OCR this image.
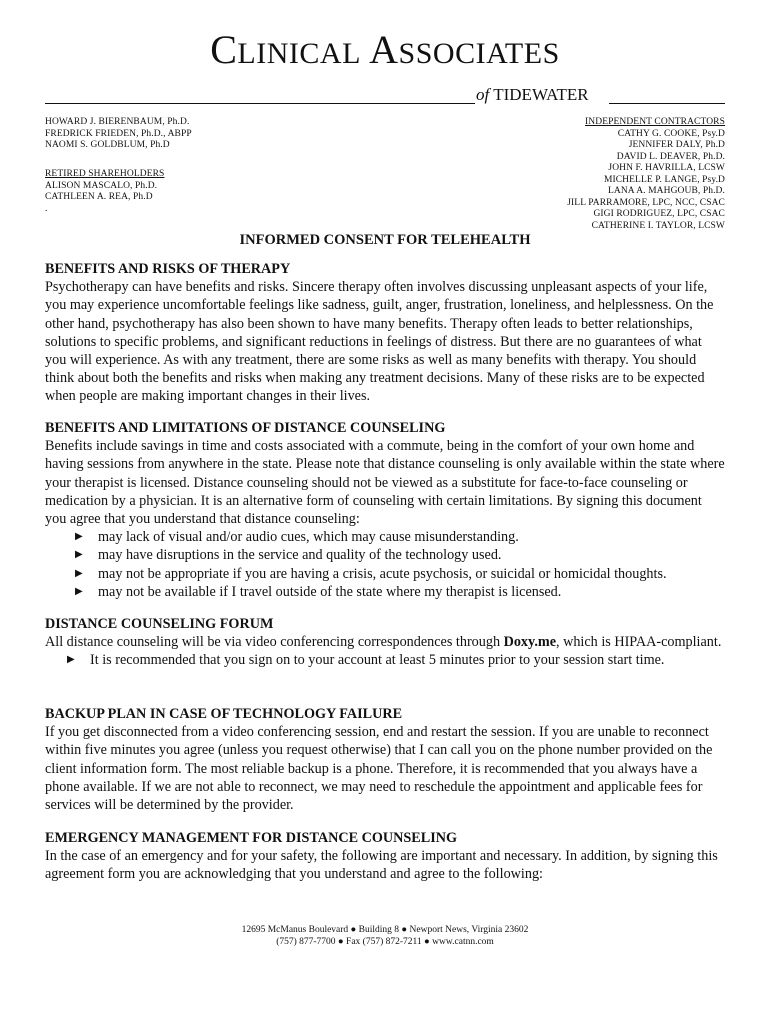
CLINICAL ASSOCIATES
of TIDEWATER
HOWARD J. BIERENBAUM, Ph.D.
FREDRICK FRIEDEN, Ph.D., ABPP
NAOMI S. GOLDBLUM, Ph.D
RETIRED SHAREHOLDERS
ALISON MASCALO, Ph.D.
CATHLEEN A. REA, Ph.D
.
INDEPENDENT CONTRACTORS
CATHY G. COOKE, Psy.D
JENNIFER DALY, Ph.D
DAVID L. DEAVER, Ph.D.
JOHN F. HAVRILLA, LCSW
MICHELLE P. LANGE, Psy.D
LANA A. MAHGOUB, Ph.D.
JILL PARRAMORE, LPC, NCC, CSAC
GIGI RODRIGUEZ, LPC, CSAC
CATHERINE I. TAYLOR, LCSW
INFORMED CONSENT FOR TELEHEALTH
BENEFITS AND RISKS OF THERAPY

Psychotherapy can have benefits and risks. Sincere therapy often involves discussing unpleasant aspects of your life, you may experience uncomfortable feelings like sadness, guilt, anger, frustration, loneliness, and helplessness. On the other hand, psychotherapy has also been shown to have many benefits. Therapy often leads to better relationships, solutions to specific problems, and significant reductions in feelings of distress. But there are no guarantees of what you will experience. As with any treatment, there are some risks as well as many benefits with therapy. You should think about both the benefits and risks when making any treatment decisions. Many of these risks are to be expected when people are making important changes in their lives.

BENEFITS AND LIMITATIONS OF DISTANCE COUNSELING

Benefits include savings in time and costs associated with a commute, being in the comfort of your own home and having sessions from anywhere in the state. Please note that distance counseling is only available within the state where your therapist is licensed. Distance counseling should not be viewed as a substitute for face-to-face counseling or medication by a physician. It is an alternative form of counseling with certain limitations. By signing this document you agree that you understand that distance counseling:

▶ may lack of visual and/or audio cues, which may cause misunderstanding.
▶ may have disruptions in the service and quality of the technology used.
▶ may not be appropriate if you are having a crisis, acute psychosis, or suicidal or homicidal thoughts.
▶ may not be available if I travel outside of the state where my therapist is licensed.
DISTANCE COUNSELING FORUM

All distance counseling will be via video conferencing correspondences through Doxy.me, which is HIPAA-compliant.

▶ It is recommended that you sign on to your account at least 5 minutes prior to your session start time.
BACKUP PLAN IN CASE OF TECHNOLOGY FAILURE

If you get disconnected from a video conferencing session, end and restart the session. If you are unable to reconnect within five minutes you agree (unless you request otherwise) that I can call you on the phone number provided on the client information form. The most reliable backup is a phone. Therefore, it is recommended that you always have a phone available. If we are not able to reconnect, we may need to reschedule the appointment and applicable fees for services will be determined by the provider.

EMERGENCY MANAGEMENT FOR DISTANCE COUNSELING

In the case of an emergency and for your safety, the following are important and necessary. In addition, by signing this agreement form you are acknowledging that you understand and agree to the following:

12695 McManus Boulevard ● Building 8 ● Newport News, Virginia 23602
(757) 877-7700 ● Fax (757) 872-7211 ● www.catnn.com
